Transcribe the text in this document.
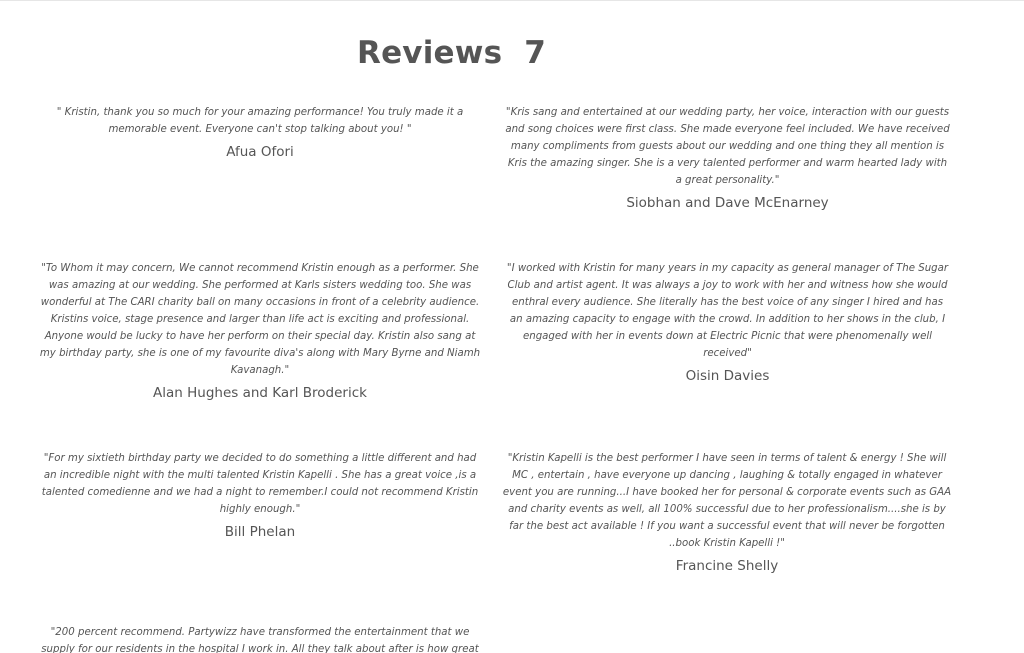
Reviews 7

" Kristin, thank you so much for your amazing performance! You truly made it a memorable event. Everyone can't stop talking about you! "

Afua Ofori

"Kris sang and entertained at our wedding party, her voice, interaction with our guests and song choices were first class. She made everyone feel included. We have received many compliments from guests about our wedding and one thing they all mention is Kris the amazing singer. She is a very talented performer and warm hearted lady with a great personality."

Siobhan and Dave McEnarney

"To Whom it may concern, We cannot recommend Kristin enough as a performer. She was amazing at our wedding. She performed at Karls sisters wedding too. She was wonderful at The CARI charity ball on many occasions in front of a celebrity audience. Kristins voice, stage presence and larger than life act is exciting and professional. Anyone would be lucky to have her perform on their special day. Kristin also sang at my birthday party, she is one of my favourite diva's along with Mary Byrne and Niamh Kavanagh."

Alan Hughes and Karl Broderick

"I worked with Kristin for many years in my capacity as general manager of The Sugar Club and artist agent. It was always a joy to work with her and witness how she would enthral every audience. She literally has the best voice of any singer I hired and has an amazing capacity to engage with the crowd. In addition to her shows in the club, I engaged with her in events down at Electric Picnic that were phenomenally well received"

Oisin Davies

"For my sixtieth birthday party we decided to do something a little different and had an incredible night with the multi talented Kristin Kapelli . She has a great voice ,is a talented comedienne and we had a night to remember.I could not recommend Kristin highly enough."

Bill Phelan

"Kristin Kapelli is the best performer I have seen in terms of talent & energy ! She will MC , entertain , have everyone up dancing , laughing & totally engaged in whatever event you are running...I have booked her for personal & corporate events such as GAA and charity events as well, all 100% successful due to her professionalism....she is by far the best act available ! If you want a successful event that will never be forgotten ..book Kristin Kapelli !"

Francine Shelly

"200 percent recommend. Partywizz have transformed the entertainment that we supply for our residents in the hospital I work in. All they talk about after is how great
